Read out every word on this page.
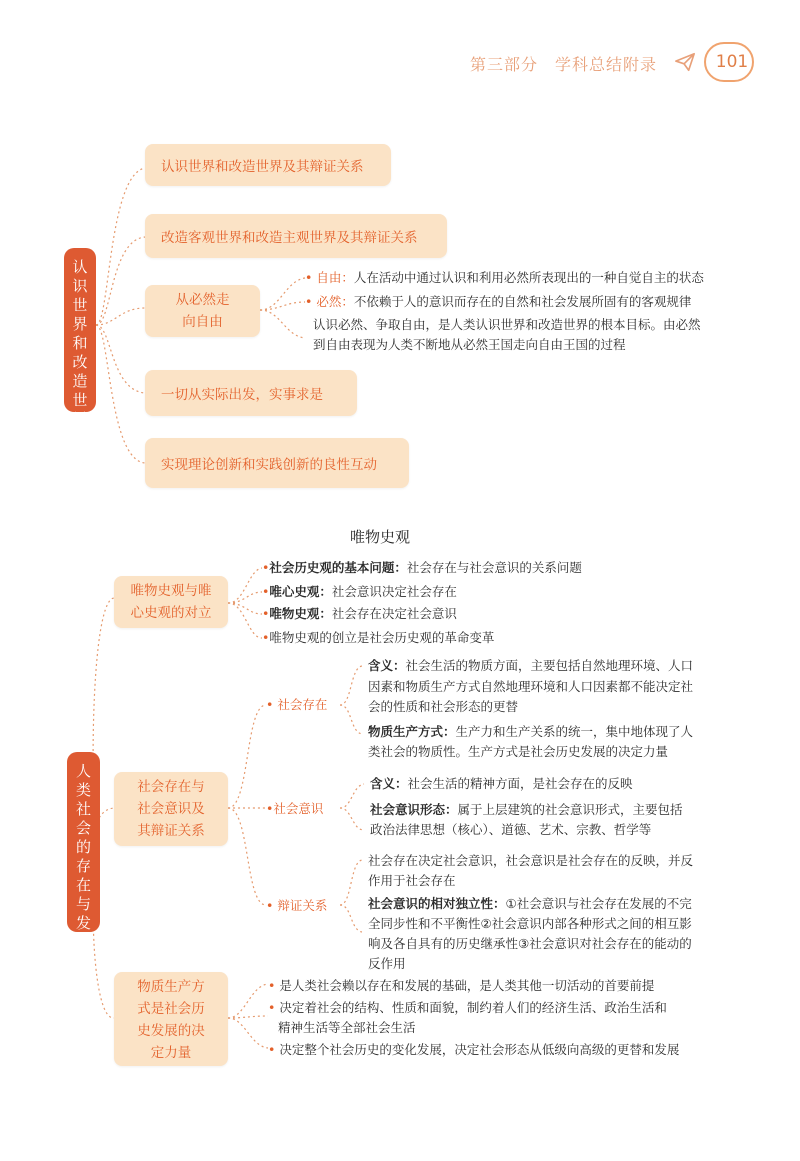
第三部分　学科总结附录	101
认识世界和改造世界
认识世界和改造世界及其辩证关系
改造客观世界和改造主观世界及其辩证关系
从必然走
向自由
• 自由：人在活动中通过认识和利用必然所表现出的一种自觉自主的状态
• 必然：不依赖于人的意识而存在的自然和社会发展所固有的客观规律
认识必然、争取自由，是人类认识世界和改造世界的根本目标。由必然
到自由表现为人类不断地从必然王国走向自由王国的过程
一切从实际出发，实事求是
实现理论创新和实践创新的良性互动
唯物史观
人类社会的存在与发展
唯物史观与唯
心史观的对立
•社会历史观的基本问题：社会存在与社会意识的关系问题
•唯心史观：社会意识决定社会存在
•唯物史观：社会存在决定社会意识
•唯物史观的创立是社会历史观的革命变革
社会存在与
社会意识及
其辩证关系
• 社会存在
含义：社会生活的物质方面，主要包括自然地理环境、人口
因素和物质生产方式自然地理环境和人口因素都不能决定社
会的性质和社会形态的更替
物质生产方式：生产力和生产关系的统一，集中地体现了人
类社会的物质性。生产方式是社会历史发展的决定力量
•社会意识
含义：社会生活的精神方面，是社会存在的反映
社会意识形态：属于上层建筑的社会意识形式，主要包括
政治法律思想（核心）、道德、艺术、宗教、哲学等
• 辩证关系
社会存在决定社会意识，社会意识是社会存在的反映，并反
作用于社会存在
社会意识的相对独立性：①社会意识与社会存在发展的不完
全同步性和不平衡性②社会意识内部各种形式之间的相互影
响及各自具有的历史继承性③社会意识对社会存在的能动的
反作用
物质生产方
式是社会历
史发展的决
定力量
• 是人类社会赖以存在和发展的基础，是人类其他一切活动的首要前提
• 决定着社会的结构、性质和面貌，制约着人们的经济生活、政治生活和
精神生活等全部社会生活
• 决定整个社会历史的变化发展，决定社会形态从低级向高级的更替和发展
